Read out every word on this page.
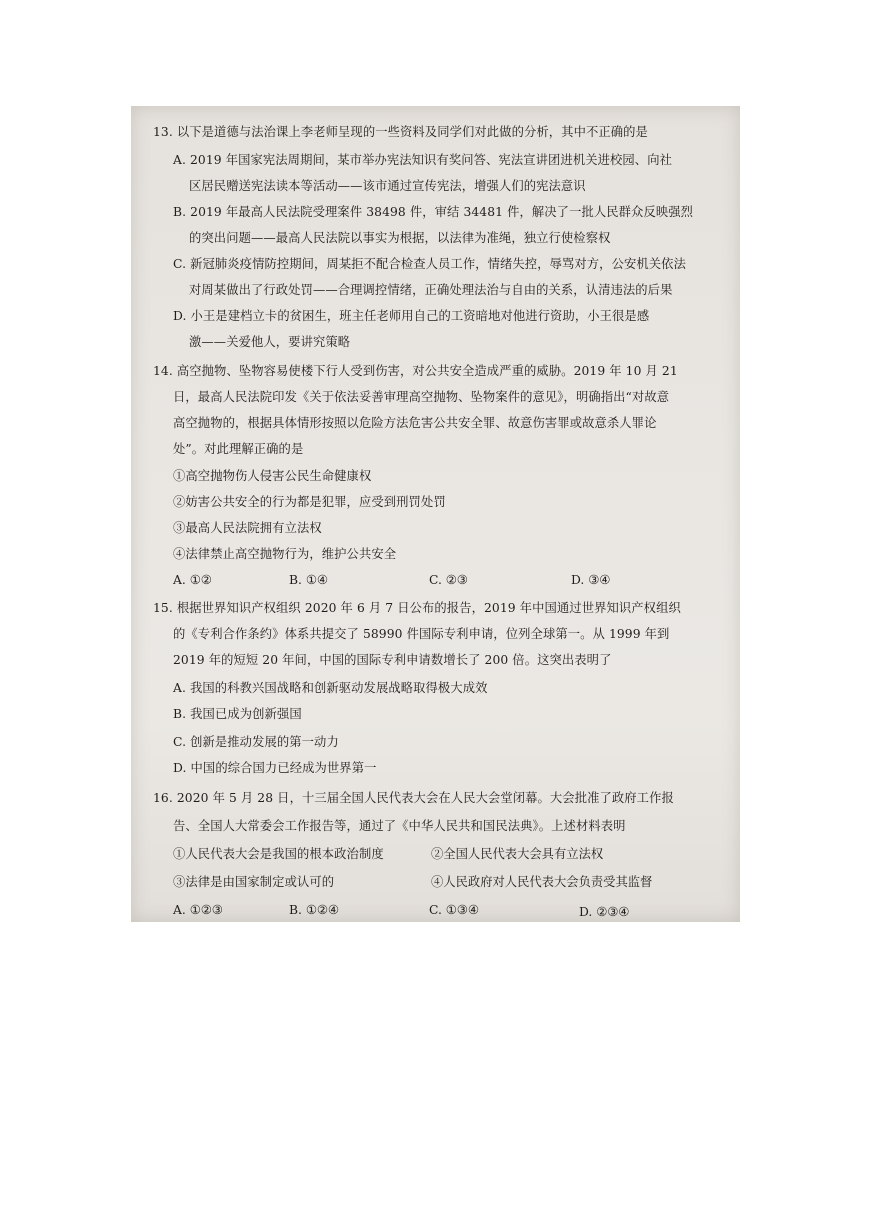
13. 以下是道德与法治课上李老师呈现的一些资料及同学们对此做的分析，其中不正确的是
A. 2019 年国家宪法周期间，某市举办宪法知识有奖问答、宪法宣讲团进机关进校园、向社
区居民赠送宪法读本等活动——该市通过宣传宪法，增强人们的宪法意识
B. 2019 年最高人民法院受理案件 38498 件，审结 34481 件，解决了一批人民群众反映强烈
的突出问题——最高人民法院以事实为根据，以法律为准绳，独立行使检察权
C. 新冠肺炎疫情防控期间，周某拒不配合检查人员工作，情绪失控，辱骂对方，公安机关依法
对周某做出了行政处罚——合理调控情绪，正确处理法治与自由的关系，认清违法的后果
D. 小王是建档立卡的贫困生，班主任老师用自己的工资暗地对他进行资助，小王很是感
激——关爱他人，要讲究策略
14. 高空抛物、坠物容易使楼下行人受到伤害，对公共安全造成严重的威胁。2019 年 10 月 21
日，最高人民法院印发《关于依法妥善审理高空抛物、坠物案件的意见》，明确指出“对故意
高空抛物的，根据具体情形按照以危险方法危害公共安全罪、故意伤害罪或故意杀人罪论
处”。对此理解正确的是
①高空抛物伤人侵害公民生命健康权
②妨害公共安全的行为都是犯罪，应受到刑罚处罚
③最高人民法院拥有立法权
④法律禁止高空抛物行为，维护公共安全
A. ①②	B. ①④	C. ②③	D. ③④
15. 根据世界知识产权组织 2020 年 6 月 7 日公布的报告，2019 年中国通过世界知识产权组织
的《专利合作条约》体系共提交了 58990 件国际专利申请，位列全球第一。从 1999 年到
2019 年的短短 20 年间，中国的国际专利申请数增长了 200 倍。这突出表明了
A. 我国的科教兴国战略和创新驱动发展战略取得极大成效
B. 我国已成为创新强国
C. 创新是推动发展的第一动力
D. 中国的综合国力已经成为世界第一
16. 2020 年 5 月 28 日，十三届全国人民代表大会在人民大会堂闭幕。大会批准了政府工作报
告、全国人大常委会工作报告等，通过了《中华人民共和国民法典》。上述材料表明
①人民代表大会是我国的根本政治制度	②全国人民代表大会具有立法权
③法律是由国家制定或认可的	④人民政府对人民代表大会负责受其监督
A. ①②③	B. ①②④	C. ①③④	D. ②③④
